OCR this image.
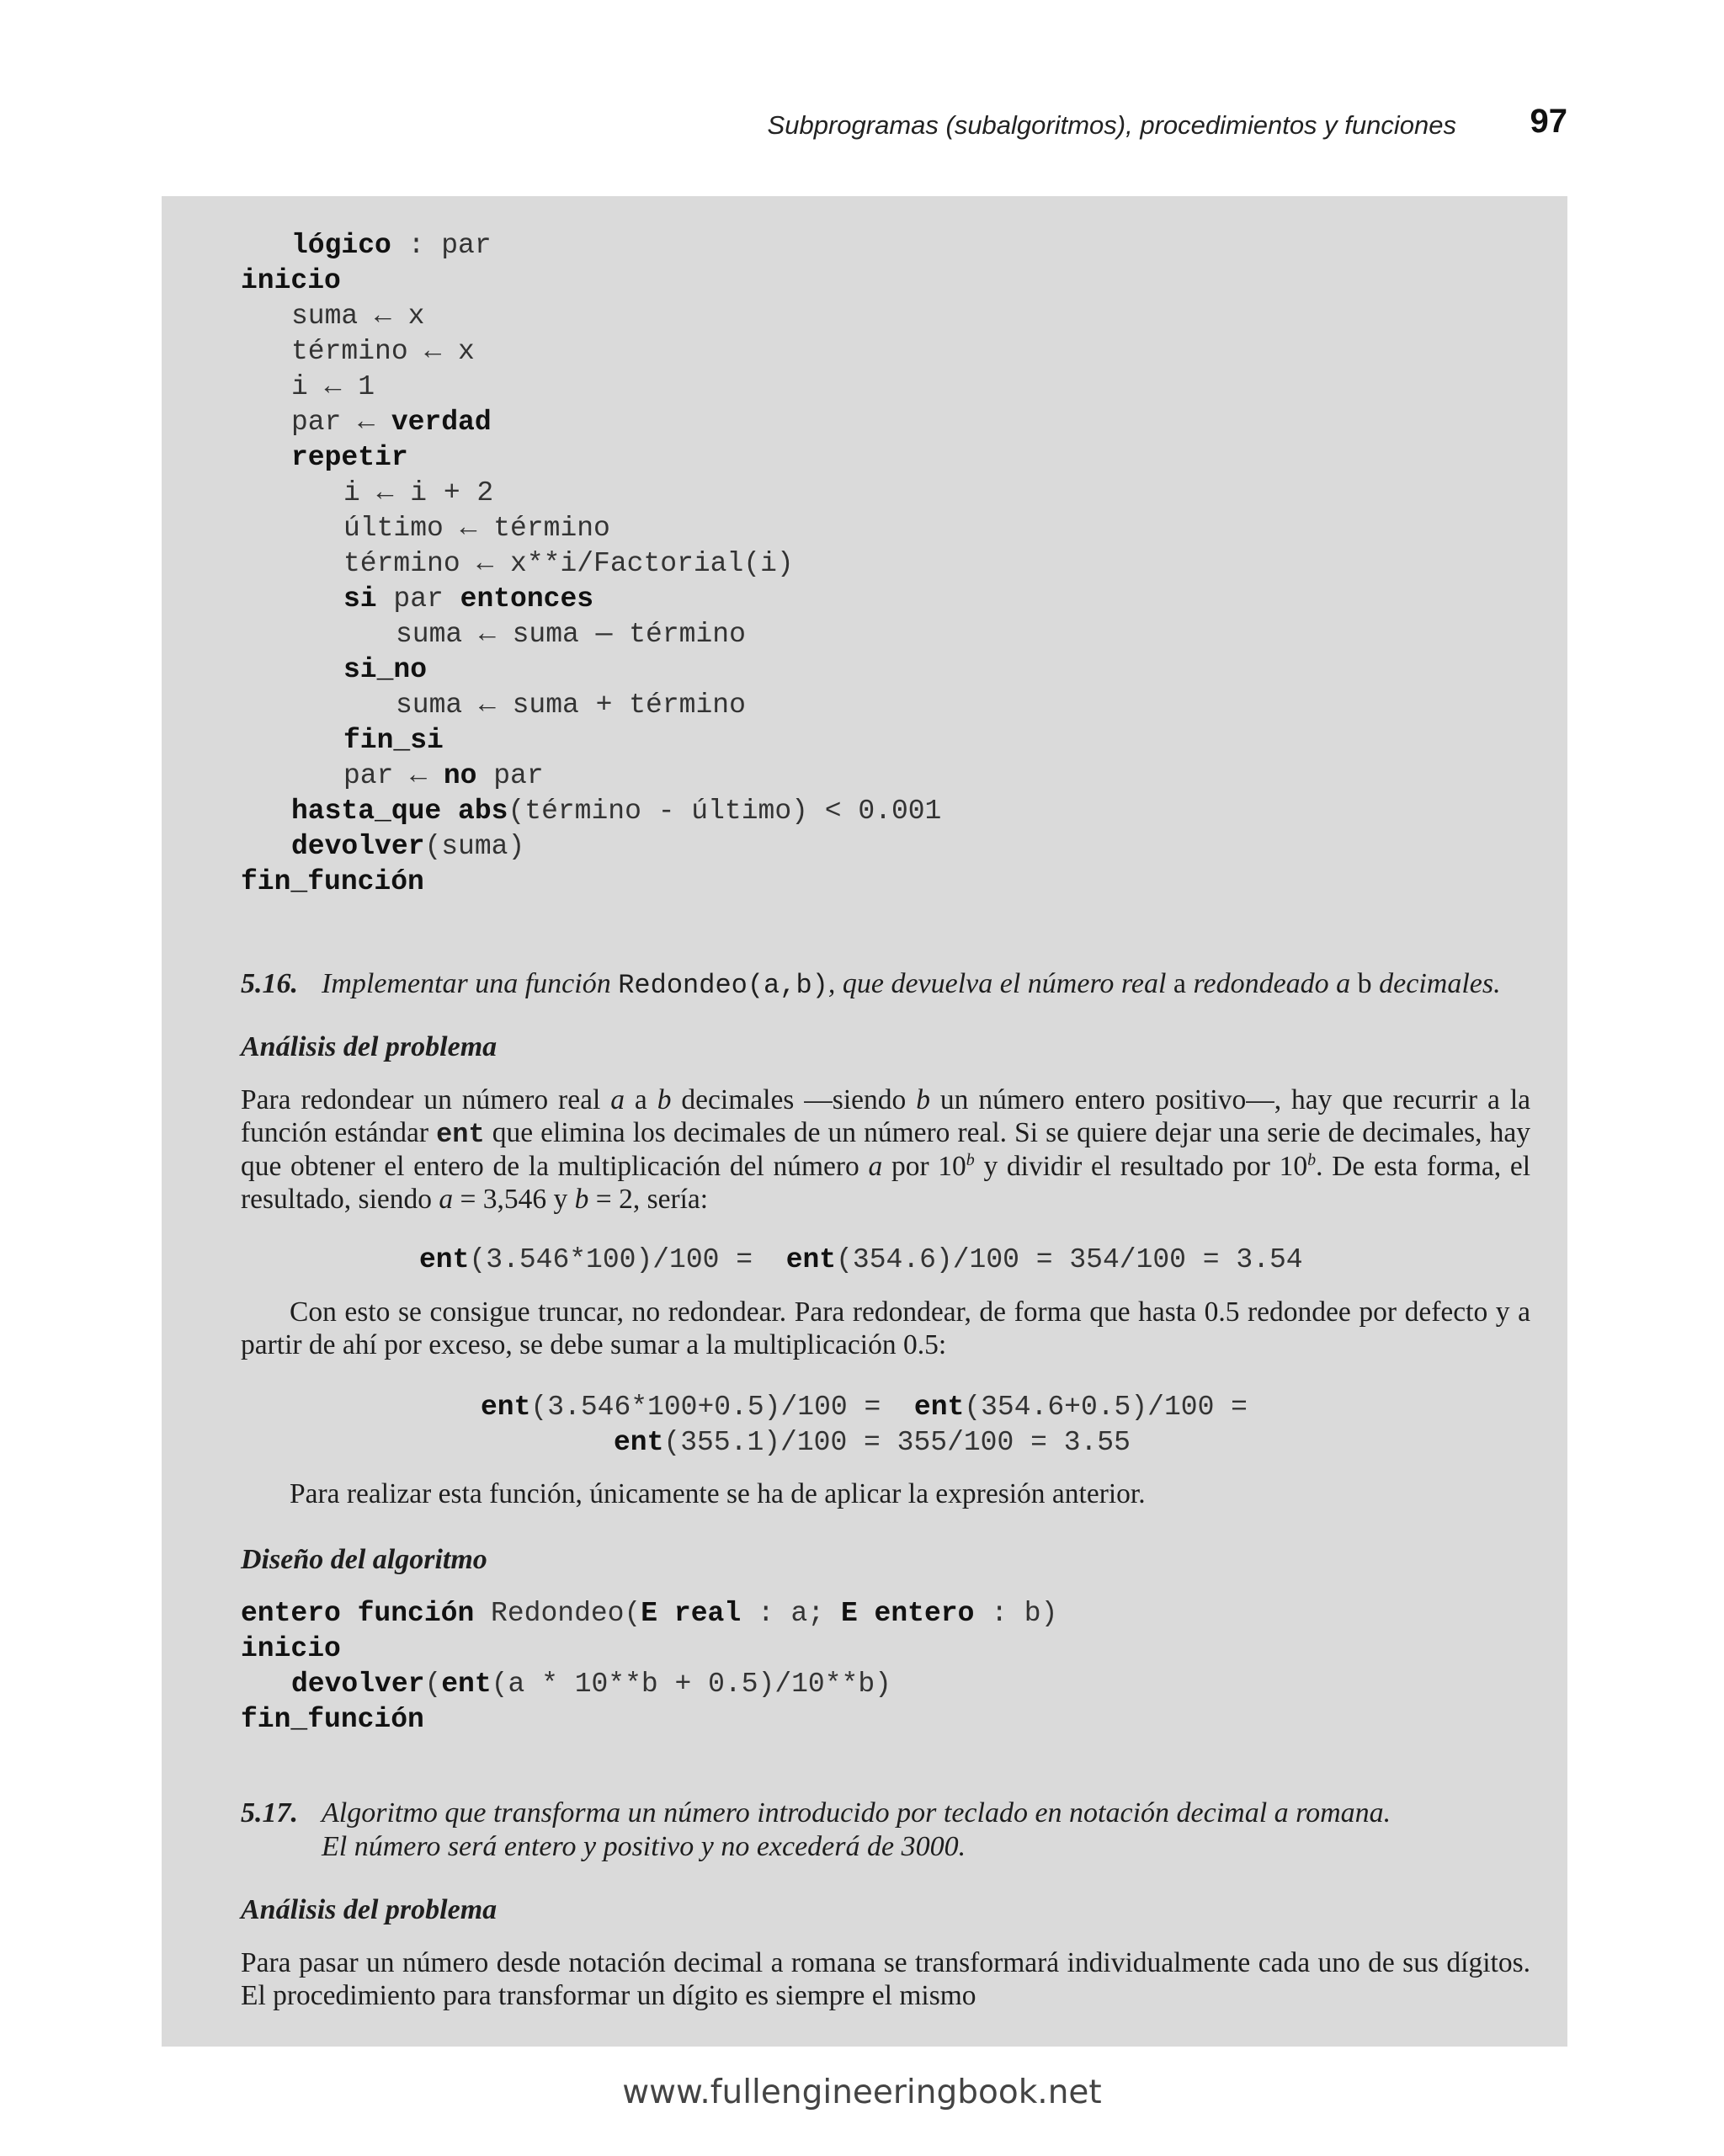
Subprogramas (subalgoritmos), procedimientos y funciones 97
lógico : par
inicio
suma ← x
término ← x
i ← 1
par ← verdad
repetir
i ← i + 2
último ← término
término ← x**i/Factorial(i)
si par entonces
suma ← suma — término
si_no
suma ← suma + término
fin_si
par ← no par
hasta_que abs(término - último) < 0.001
devolver(suma)
fin_función
5.16. Implementar una función Redondeo(a,b), que devuelva el número real a redondeado a b decimales.
Análisis del problema
Para redondear un número real a a b decimales —siendo b un número entero positivo—, hay que recurrir a la función estándar ent que elimina los decimales de un número real. Si se quiere dejar una serie de decimales, hay que obtener el entero de la multiplicación del número a por 10$^b$ y dividir el resultado por 10$^b$. De esta forma, el resultado, siendo a = 3,546 y b = 2, sería:
ent(3.546*100)/100 =  ent(354.6)/100 = 354/100 = 3.54
Con esto se consigue truncar, no redondear. Para redondear, de forma que hasta 0.5 redondee por defecto y a partir de ahí por exceso, se debe sumar a la multiplicación 0.5:
ent(3.546*100+0.5)/100 =  ent(354.6+0.5)/100 =
ent(355.1)/100 = 355/100 = 3.55
Para realizar esta función, únicamente se ha de aplicar la expresión anterior.
Diseño del algoritmo
entero función Redondeo(E real : a; E entero : b)
inicio
devolver(ent(a * 10**b + 0.5)/10**b)
fin_función
5.17. Algoritmo que transforma un número introducido por teclado en notación decimal a romana.
El número será entero y positivo y no excederá de 3000.
Análisis del problema
Para pasar un número desde notación decimal a romana se transformará individualmente cada uno de sus dígitos. El procedimiento para transformar un dígito es siempre el mismo
www.fullengineeringbook.net
